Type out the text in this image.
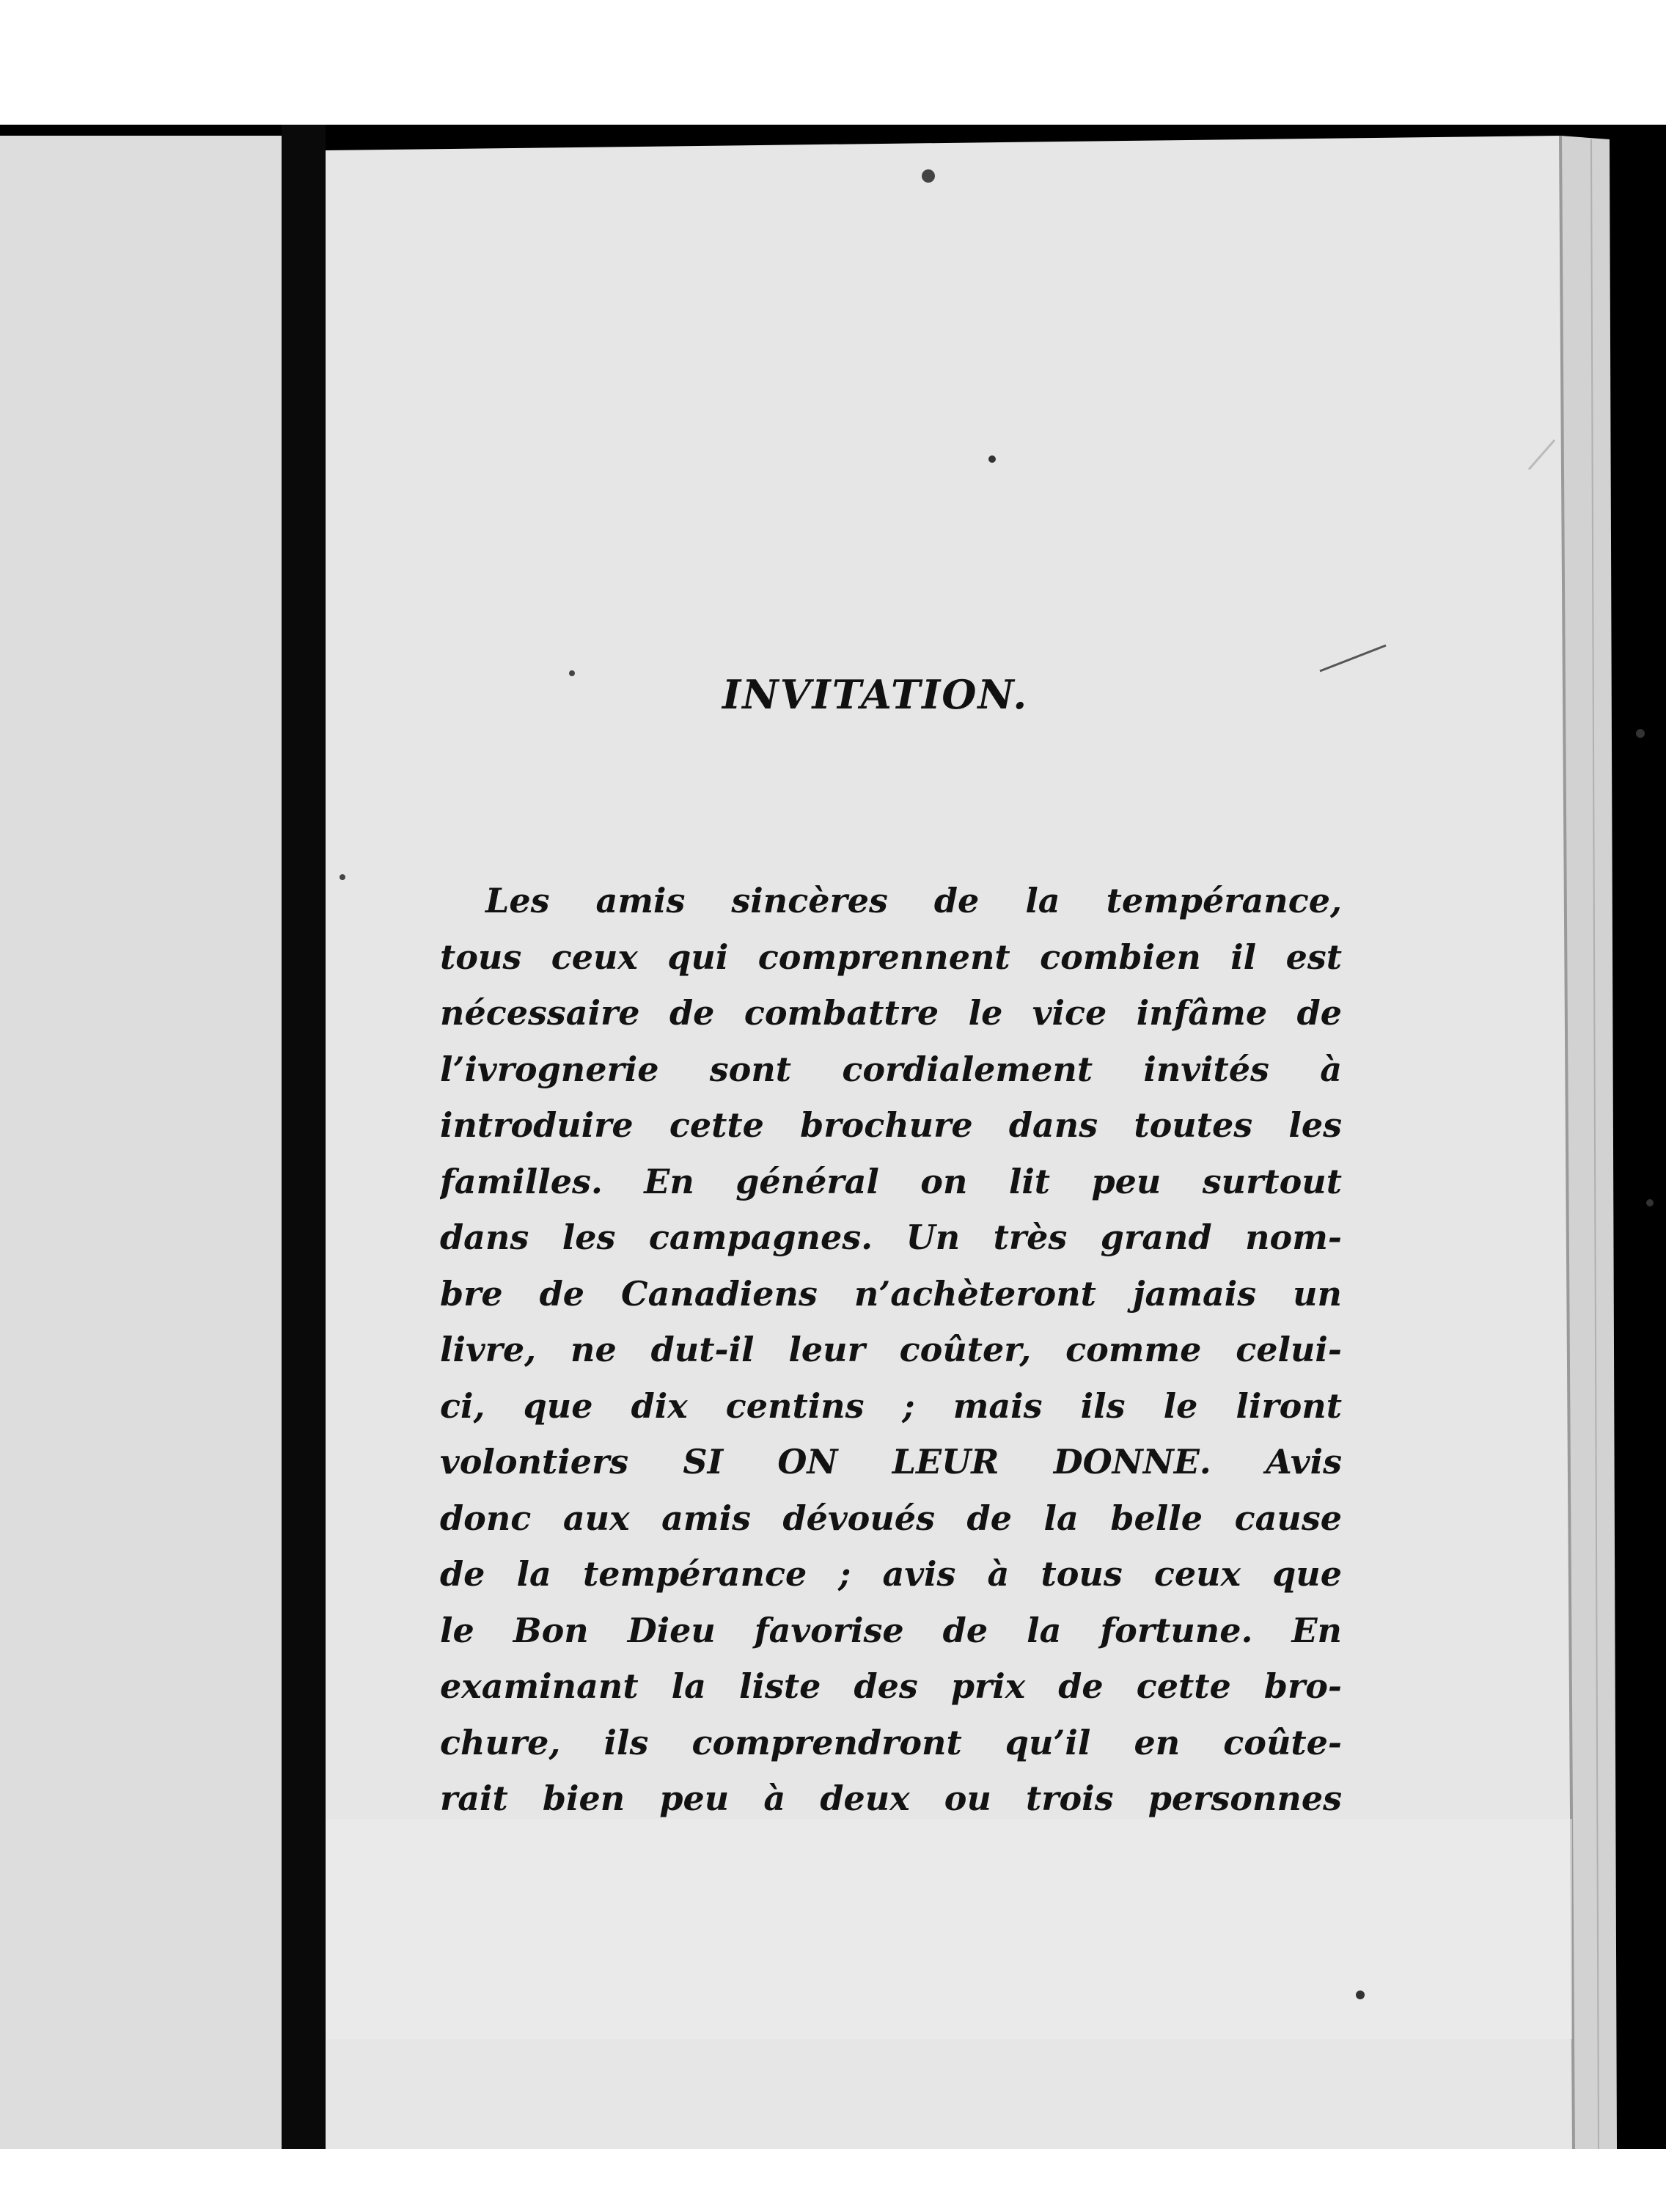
INVITATION.
Les amis sincères de la tempérance,
tous ceux qui comprennent combien il est
nécessaire de combattre le vice infâme de
l’ivrognerie sont cordialement invités à
introduire cette brochure dans toutes les
familles. En général on lit peu surtout
dans les campagnes. Un très grand nom-
bre de Canadiens n’achèteront jamais un
livre, ne dut-il leur coûter, comme celui-
ci, que dix centins ; mais ils le liront
volontiers SI ON LEUR DONNE. Avis
donc aux amis dévoués de la belle cause
de la tempérance ; avis à tous ceux que
le Bon Dieu favorise de la fortune. En
examinant la liste des prix de cette bro-
chure, ils comprendront qu’il en coûte-
rait bien peu à deux ou trois personnes
